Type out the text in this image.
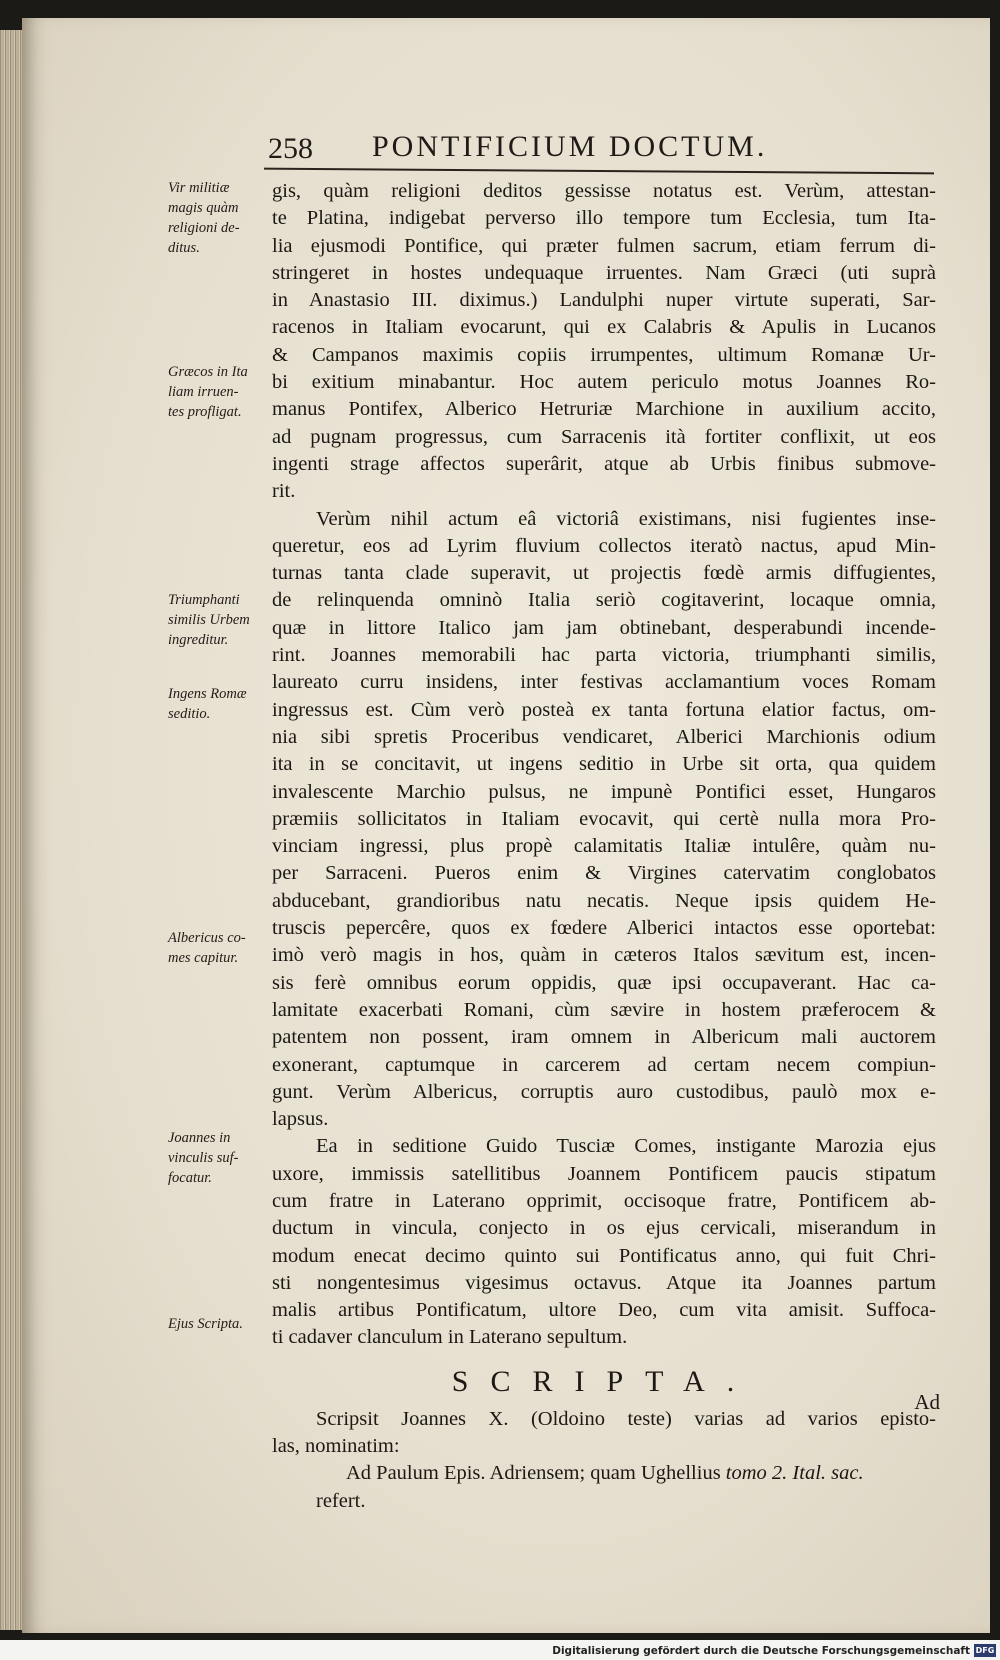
258 PONTIFICIUM DOCTUM.
Vir militiæ
magis quàm
religioni de-
ditus.
Græcos in Ita
liam irruen-
tes profligat.
Triumphanti
similis Urbem
ingreditur.
Ingens Romæ
seditio.
Albericus co-
mes capitur.
Joannes in
vinculis suf-
focatur.
Ejus Scripta.
gis, quàm religioni deditos gessisse notatus est. Verùm, attestan-
te Platina, indigebat perverso illo tempore tum Ecclesia, tum Ita-
lia ejusmodi Pontifice, qui præter fulmen sacrum, etiam ferrum di-
stringeret in hostes undequaque irruentes. Nam Græci (uti suprà
in Anastasio III. diximus.) Landulphi nuper virtute superati, Sar-
racenos in Italiam evocarunt, qui ex Calabris & Apulis in Lucanos
& Campanos maximis copiis irrumpentes, ultimum Romanæ Ur-
bi exitium minabantur. Hoc autem periculo motus Joannes Ro-
manus Pontifex, Alberico Hetruriæ Marchione in auxilium accito,
ad pugnam progressus, cum Sarracenis ità fortiter conflixit, ut eos
ingenti strage affectos superârit, atque ab Urbis finibus submove-
rit.
Verùm nihil actum eâ victoriâ existimans, nisi fugientes inse-
queretur, eos ad Lyrim fluvium collectos iteratò nactus, apud Min-
turnas tanta clade superavit, ut projectis fœdè armis diffugientes,
de relinquenda omninò Italia seriò cogitaverint, locaque omnia,
quæ in littore Italico jam jam obtinebant, desperabundi incende-
rint. Joannes memorabili hac parta victoria, triumphanti similis,
laureato curru insidens, inter festivas acclamantium voces Romam
ingressus est. Cùm verò posteà ex tanta fortuna elatior factus, om-
nia sibi spretis Proceribus vendicaret, Alberici Marchionis odium
ita in se concitavit, ut ingens seditio in Urbe sit orta, qua quidem
invalescente Marchio pulsus, ne impunè Pontifici esset, Hungaros
præmiis sollicitatos in Italiam evocavit, qui certè nulla mora Pro-
vinciam ingressi, plus propè calamitatis Italiæ intulêre, quàm nu-
per Sarraceni. Pueros enim & Virgines catervatim conglobatos
abducebant, grandioribus natu necatis. Neque ipsis quidem He-
truscis pepercêre, quos ex fœdere Alberici intactos esse oportebat:
imò verò magis in hos, quàm in cæteros Italos sævitum est, incen-
sis ferè omnibus eorum oppidis, quæ ipsi occupaverant. Hac ca-
lamitate exacerbati Romani, cùm sævire in hostem præferocem &
patentem non possent, iram omnem in Albericum mali auctorem
exonerant, captumque in carcerem ad certam necem compiun-
gunt. Verùm Albericus, corruptis auro custodibus, paulò mox e-
lapsus.
Ea in seditione Guido Tusciæ Comes, instigante Marozia ejus
uxore, immissis satellitibus Joannem Pontificem paucis stipatum
cum fratre in Laterano opprimit, occisoque fratre, Pontificem ab-
ductum in vincula, conjecto in os ejus cervicali, miserandum in
modum enecat decimo quinto sui Pontificatus anno, qui fuit Chri-
sti nongentesimus vigesimus octavus. Atque ita Joannes partum
malis artibus Pontificatum, ultore Deo, cum vita amisit. Suffoca-
ti cadaver clanculum in Laterano sepultum.
SCRIPTA.
Scripsit Joannes X. (Oldoino teste) varias ad varios episto-
las, nominatim:
Ad Paulum Epis. Adriensem; quam Ughellius tomo 2. Ital. sac.
refert.
Ad
Digitalisierung gefördert durch die Deutsche Forschungsgemeinschaft DFG
